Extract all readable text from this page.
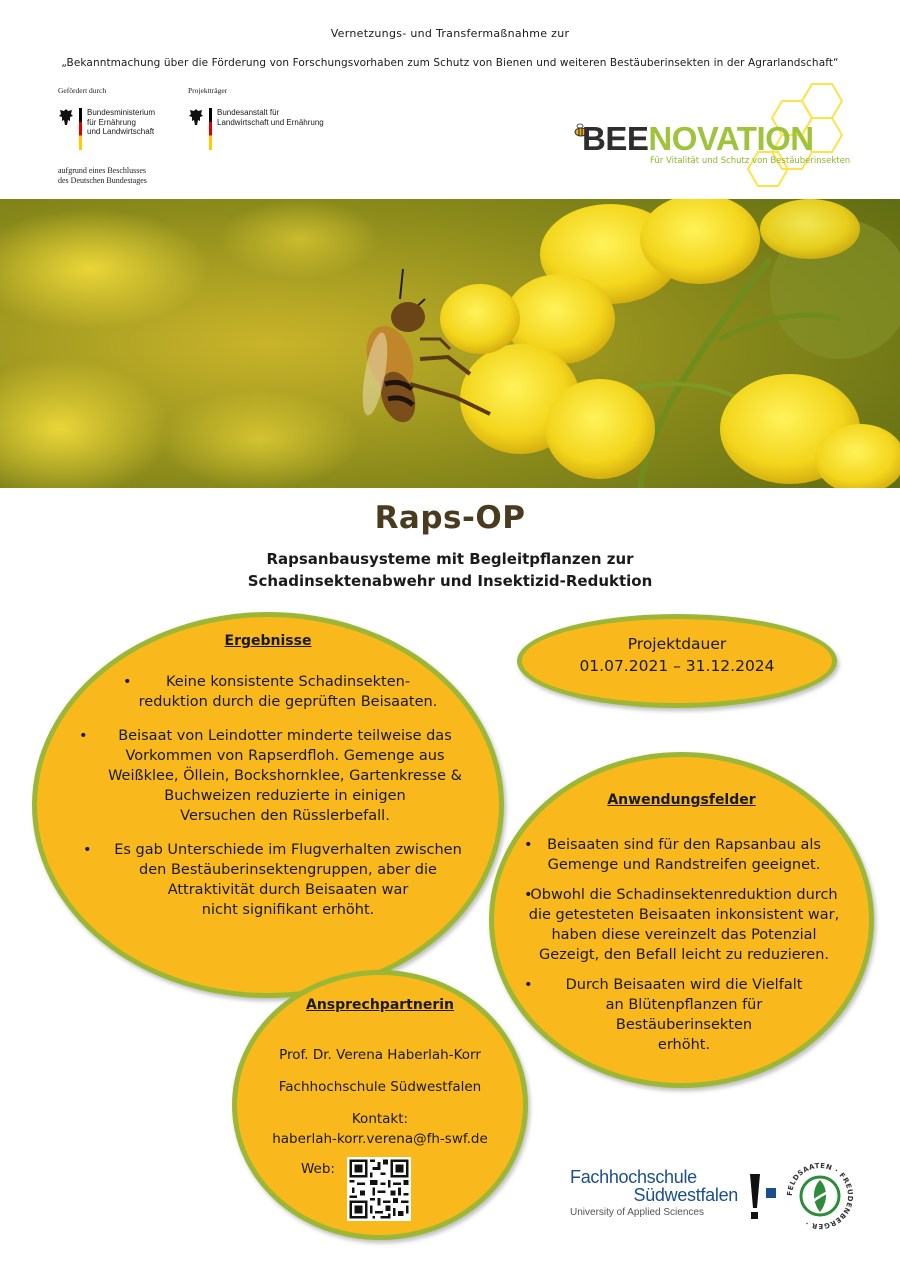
Vernetzungs- und Transfermaßnahme zur
„Bekanntmachung über die Förderung von Forschungsvorhaben zum Schutz von Bienen und weiteren Bestäuberinsekten in der Agrarlandschaft“
Gefördert durch
Bundesministerium
für Ernährung
und Landwirtschaft
Projektträger
Bundesanstalt für
Landwirtschaft und Ernährung
aufgrund eines Beschlusses
des Deutschen Bundestages
BEENOVATION
Für Vitalität und Schutz von Bestäuberinsekten
Raps-OP
Rapsanbausysteme mit Begleitpflanzen zur
Schadinsektenabwehr und Insektizid-Reduktion
Ergebnisse
• Keine konsistente Schadinsekten-
reduktion durch die geprüften Beisaaten.
• Beisaat von Leindotter minderte teilweise das
Vorkommen von Rapserdfloh. Gemenge aus
Weißklee, Öllein, Bockshornklee, Gartenkresse &
Buchweizen reduzierte in einigen
Versuchen den Rüsslerbefall.
• Es gab Unterschiede im Flugverhalten zwischen
den Bestäuberinsektengruppen, aber die
Attraktivität durch Beisaaten war
nicht signifikant erhöht.
Projektdauer
01.07.2021 – 31.12.2024
Anwendungsfelder
• Beisaaten sind für den Rapsanbau als
Gemenge und Randstreifen geeignet.
• Obwohl die Schadinsektenreduktion durch
die getesteten Beisaaten inkonsistent war,
haben diese vereinzelt das Potenzial
Gezeigt, den Befall leicht zu reduzieren.
• Durch Beisaaten wird die Vielfalt
an Blütenpflanzen für
Bestäuberinsekten
erhöht.
Ansprechpartnerin
Prof. Dr. Verena Haberlah-Korr
Fachhochschule Südwestfalen
Kontakt:
haberlah-korr.verena@fh-swf.de
Web:	Fachhochschule
Südwestfalen
University of Applied Sciences
FELDSAATEN · FREUDENBERGER ·
